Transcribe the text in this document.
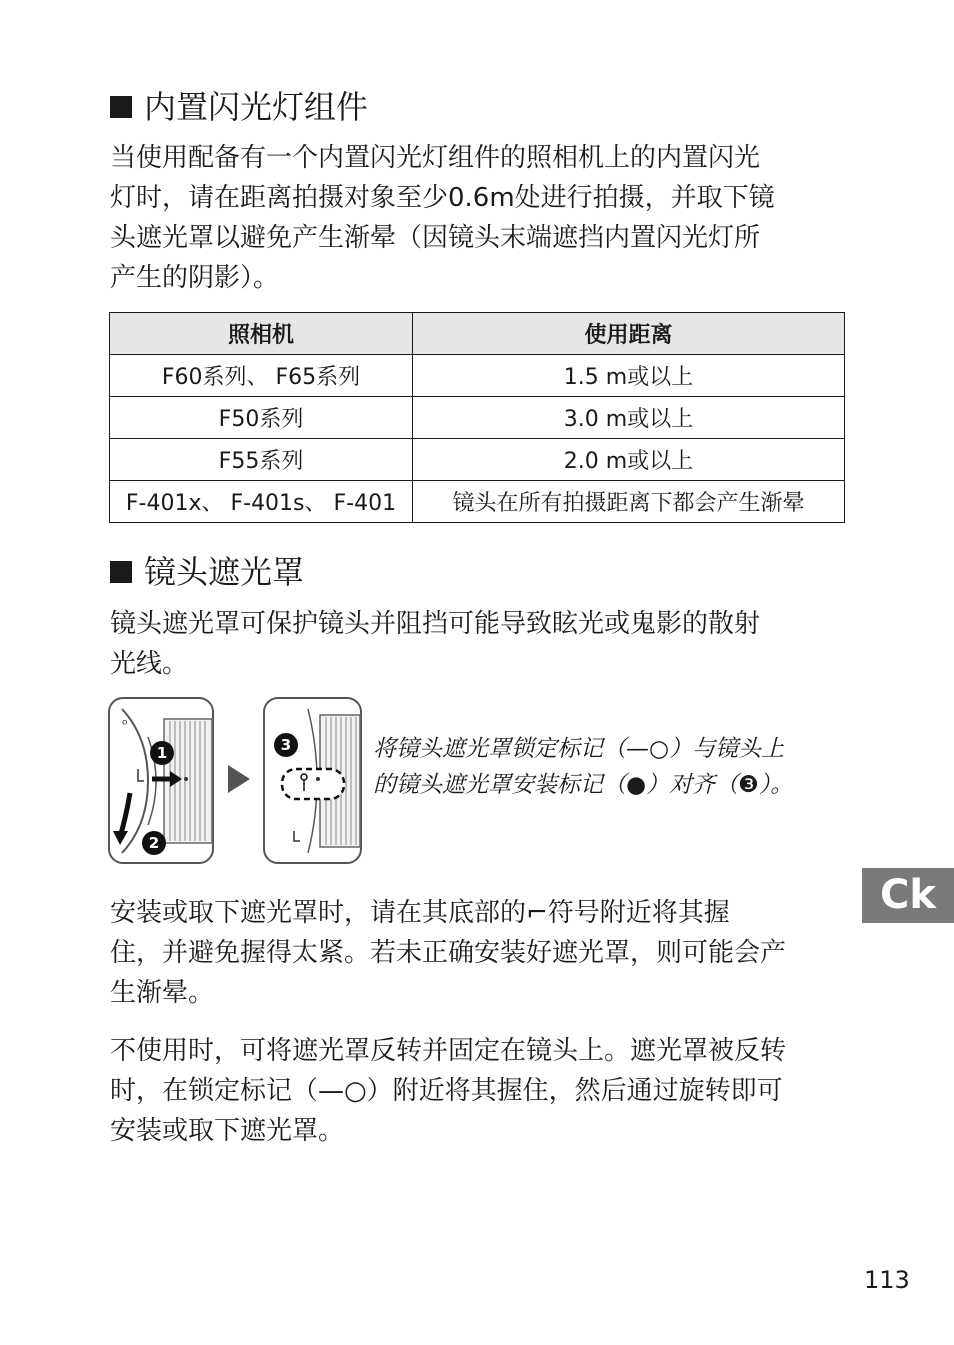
内置闪光灯组件

当使用配备有一个内置闪光灯组件的照相机上的内置闪光
灯时，请在距离拍摄对象至少0.6m处进行拍摄，并取下镜
头遮光罩以避免产生渐晕（因镜头末端遮挡内置闪光灯所
产生的阴影）。

照相机	使用距离
F60系列、 F65系列	1.5 m或以上
F50系列	3.0 m或以上
F55系列	2.0 m或以上
F-401x、 F-401s、 F-401	镜头在所有拍摄距离下都会产生渐晕
镜头遮光罩

镜头遮光罩可保护镜头并阻挡可能导致眩光或鬼影的散射
光线。

ᵒ
1
2
3	将镜头遮光罩锁定标记（—○）与镜头上
的镜头遮光罩安装标记（●）对齐（❸）。

Ck

安装或取下遮光罩时，请在其底部的⌐符号附近将其握
住，并避免握得太紧。若未正确安装好遮光罩，则可能会产
生渐晕。

不使用时，可将遮光罩反转并固定在镜头上。遮光罩被反转
时，在锁定标记（—○）附近将其握住，然后通过旋转即可
安装或取下遮光罩。

113
